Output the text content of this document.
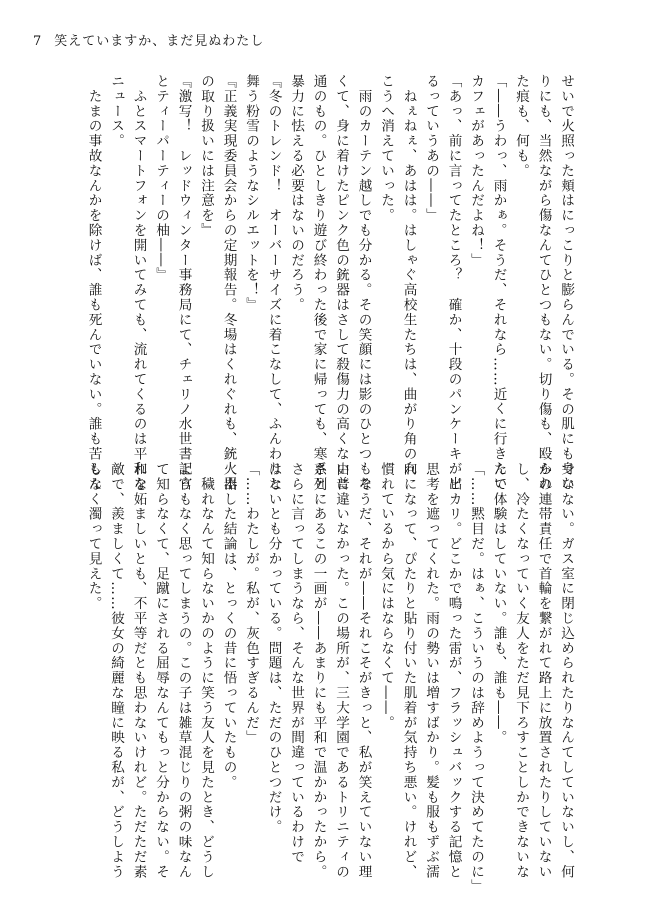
7 笑えていますか、まだ見ぬわたし
せいで火照った頬はにっこりと膨らんでいる。その肌にも身な
りにも、当然ながら傷なんてひとつもない。切り傷も、殴られ
た痕も、何も。
「――うわっ、雨かぁ。そうだ、それなら……近くに行きたい
カフェがあったんだよね！」
「あっ、前に言ってたところ？　確か、十段のパンケーキが出
るっていうあの――」
　ねぇねぇ、あはは。はしゃぐ高校生たちは、曲がり角の向
こうへ消えていった。
　雨のカーテン越しでも分かる。その笑顔には影のひとつもな
くて、身に着けたピンク色の銃器はさして殺傷力の高くない普
通のもの。ひとしきり遊び終わった後で家に帰っても、寒さと
暴力に怯える必要はないのだろう。
『冬のトレンド！　オーバーサイズに着こなして、ふんわりと
舞う粉雪のようなシルエットを！』
『正義実現委員会からの定期報告。冬場はくれぐれも、銃火器
の取り扱いには注意を』
『激写！　レッドウィンター事務局にて、チェリノ水世書記官
とティーパーティーの柚――』
　ふとスマートフォンを開いてみても、流れてくるのは平和な
ニュース。
　たまの事故なんかを除けば、誰も死んでいない。誰も苦しん
でいない。ガス室に閉じ込められたりなんてしていないし、何
かの連帯責任で首輪を繋がれて路上に放置されたりしていない
し、冷たくなっていく友人をただ見下ろすことしかできないな
んて体験はしていない。誰も、誰も――。
「……黙目だ。はぁ、こういうのは辞めようって決めてたのに」
　ピカリ。どこかで鳴った雷が、フラッシュバックする記憶と
思考を遮ってくれた。雨の勢いは増すばかり。髪も服もずぶ濡
れになって、ぴたりと貼り付いた肌着が気持ち悪い。けれど、
慣れているから気にはならなくて――。
　そうだ、それが――それこそがきっと、私が笑えていない理
由に違いなかった。この場所が、三大学園であるトリニティの
系列にあるこの一画が――あまりにも平和で温かかったから。
さらに言ってしまうなら、そんな世界が間違っているわけで
はないとも分かっている。問題は、ただのひとつだけ。
「……わたしが。私が、灰色すぎるんだ」
　出した結論は、とっくの昔に悟っていたもの。
　穢れなんて知らないかのように笑う友人を見たとき、どうし
ようもなく思ってしまうの。この子は雑草混じりの粥の味なん
て知らなくて、足蹴にされる屈辱なんてもっと分からない。そ
れを妬ましいとも、不平等だとも思わないけれど。ただただ素
敵で、羨ましくて……彼女の綺麗な瞳に映る私が、どうしよう
もなく濁って見えた。
